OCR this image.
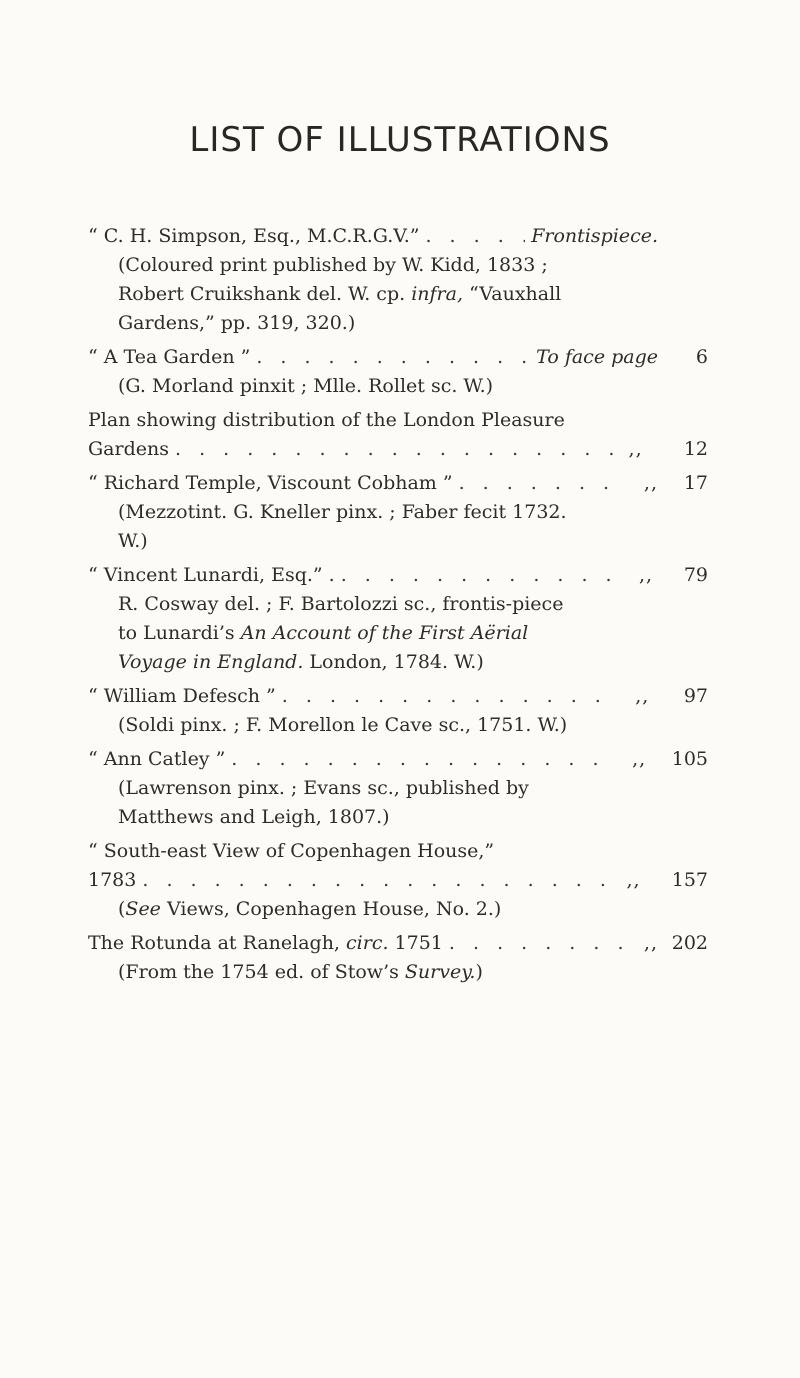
LIST OF ILLUSTRATIONS
“ C. H. Simpson, Esq., M.C.R.G.V.” . . .	Frontispiece.
(Coloured print published by W. Kidd, 1833 ; Robert Cruikshank del. W. cp. infra, “Vauxhall Gardens,” pp. 319, 320.)
“ A Tea Garden ” . . .	To face page	6
(G. Morland pinxit ; Mlle. Rollet sc. W.)
Plan showing distribution of the London Pleasure
Gardens . . .	,,	12
“ Richard Temple, Viscount Cobham ” . . .	,,	17
(Mezzotint. G. Kneller pinx. ; Faber fecit 1732. W.)
“ Vincent Lunardi, Esq.” . . . .	,,	79
R. Cosway del. ; F. Bartolozzi sc., frontis-piece to Lunardi’s An Account of the First Aërial Voyage in England. London, 1784. W.)
“ William Defesch ” . . .	,,	97
(Soldi pinx. ; F. Morellon le Cave sc., 1751. W.)
“ Ann Catley ” . . .	,,	105
(Lawrenson pinx. ; Evans sc., published by Matthews and Leigh, 1807.)
“ South-east View of Copenhagen House,”
1783 . . .	,,	157
(See Views, Copenhagen House, No. 2.)
The Rotunda at Ranelagh, circ. 1751 . . .	,, 202
(From the 1754 ed. of Stow’s Survey.)
